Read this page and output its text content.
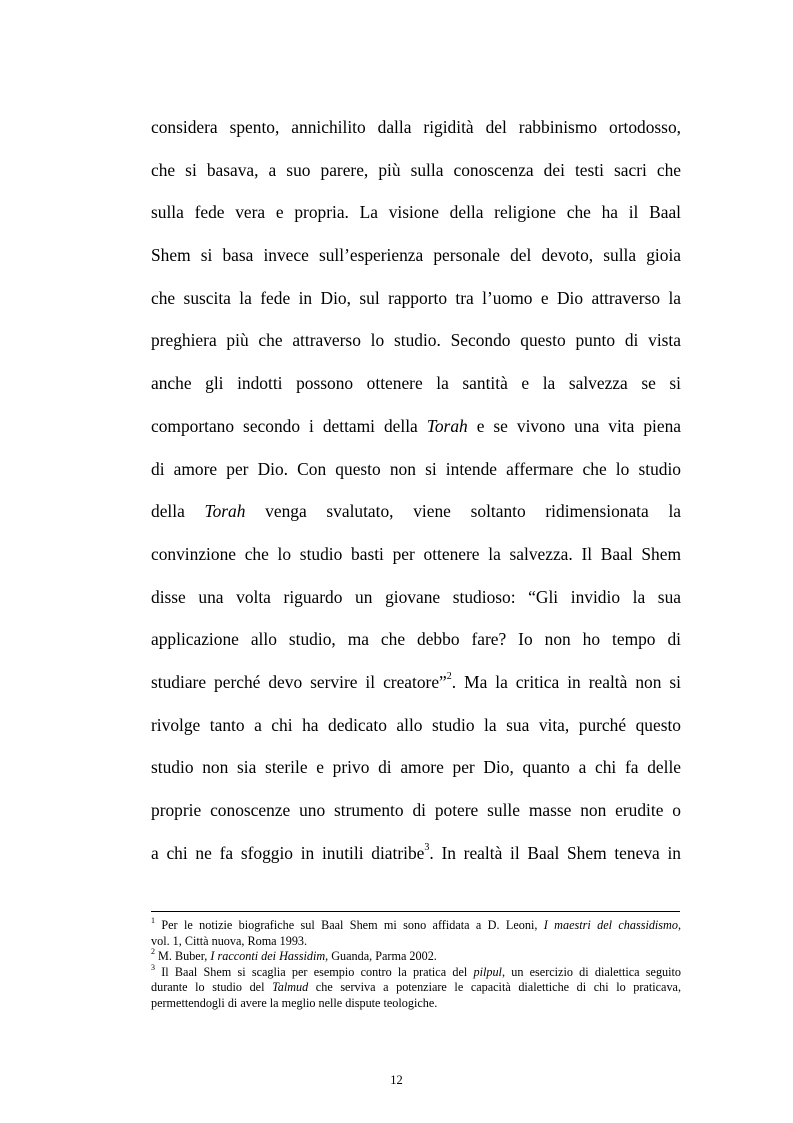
considera spento, annichilito dalla rigidità del rabbinismo ortodosso,
che si basava, a suo parere, più sulla conoscenza dei testi sacri che
sulla fede vera e propria. La visione della religione che ha il Baal
Shem si basa invece sull’esperienza personale del devoto, sulla gioia
che suscita la fede in Dio, sul rapporto tra l’uomo e Dio attraverso la
preghiera più che attraverso lo studio. Secondo questo punto di vista
anche gli indotti possono ottenere la santità e la salvezza se si
comportano secondo i dettami della Torah e se vivono una vita piena
di amore per Dio. Con questo non si intende affermare che lo studio
della Torah venga svalutato, viene soltanto ridimensionata la
convinzione che lo studio basti per ottenere la salvezza. Il Baal Shem
disse una volta riguardo un giovane studioso: “Gli invidio la sua
applicazione allo studio, ma che debbo fare? Io non ho tempo di
studiare perché devo servire il creatore”$^2$. Ma la critica in realtà non si
rivolge tanto a chi ha dedicato allo studio la sua vita, purché questo
studio non sia sterile e privo di amore per Dio, quanto a chi fa delle
proprie conoscenze uno strumento di potere sulle masse non erudite o
a chi ne fa sfoggio in inutili diatribe$^3$. In realtà il Baal Shem teneva in
$^1$ Per le notizie biografiche sul Baal Shem mi sono affidata a D. Leoni, I maestri del chassidismo,
vol. 1, Città nuova, Roma 1993.
$^2$ M. Buber, I racconti dei Hassidim, Guanda, Parma 2002.
$^3$ Il Baal Shem si scaglia per esempio contro la pratica del pilpul, un esercizio di dialettica seguito
durante lo studio del Talmud che serviva a potenziare le capacità dialettiche di chi lo praticava,
permettendogli di avere la meglio nelle dispute teologiche.
12
